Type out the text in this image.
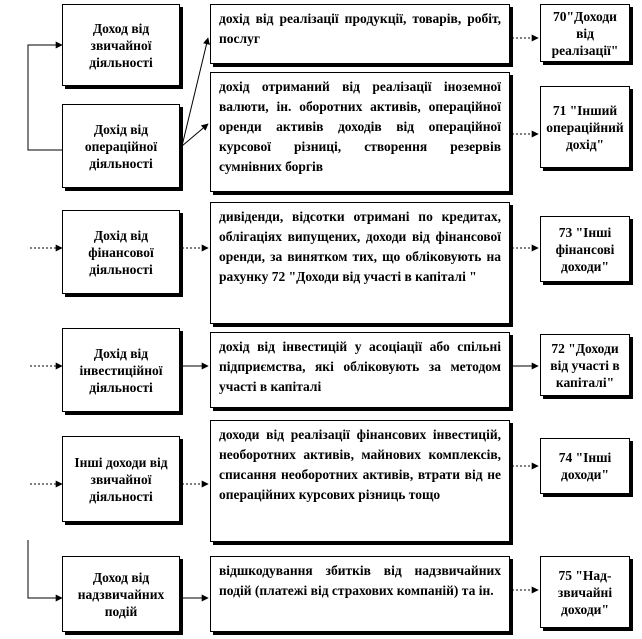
Доход від звичайної діяльності
дохід від реалізації продукції, товарів, робіт, послуг
70"Доходи від реалізації"
Дохід від операційної діяльності
дохід отриманий від реалізації іноземної валюти, ін. оборотних активів, операційної оренди активів доходів від операційної курсової різниці, створення резервів сумнівних боргів
71 "Інший операційний дохід"
Дохід від фінансової діяльності
дивіденди, відсотки отримані по кредитах, облігаціях випущених, доходи від фінансової оренди, за винятком тих, що обліковують на рахунку 72 "Доходи від участі в капіталі "
73 "Інші фінансові доходи"
Дохід від інвестиційної діяльності
дохід від інвестицій у асоціації або спільні підприємства, які обліковують за методом участі в капіталі
72 "Доходи від участі в капіталі"
Інші доходи від звичайної діяльності
доходи від реалізації фінансових інвестицій, необоротних активів, майнових комплексів, списання необоротних активів, втрати від не операційних курсових різниць тощо
74 "Інші доходи"
Доход від надзвичайних подій
відшкодування збитків від надзвичайних подій (платежі від страхових компаній) та ін.
75 "Над-звичайні доходи"
